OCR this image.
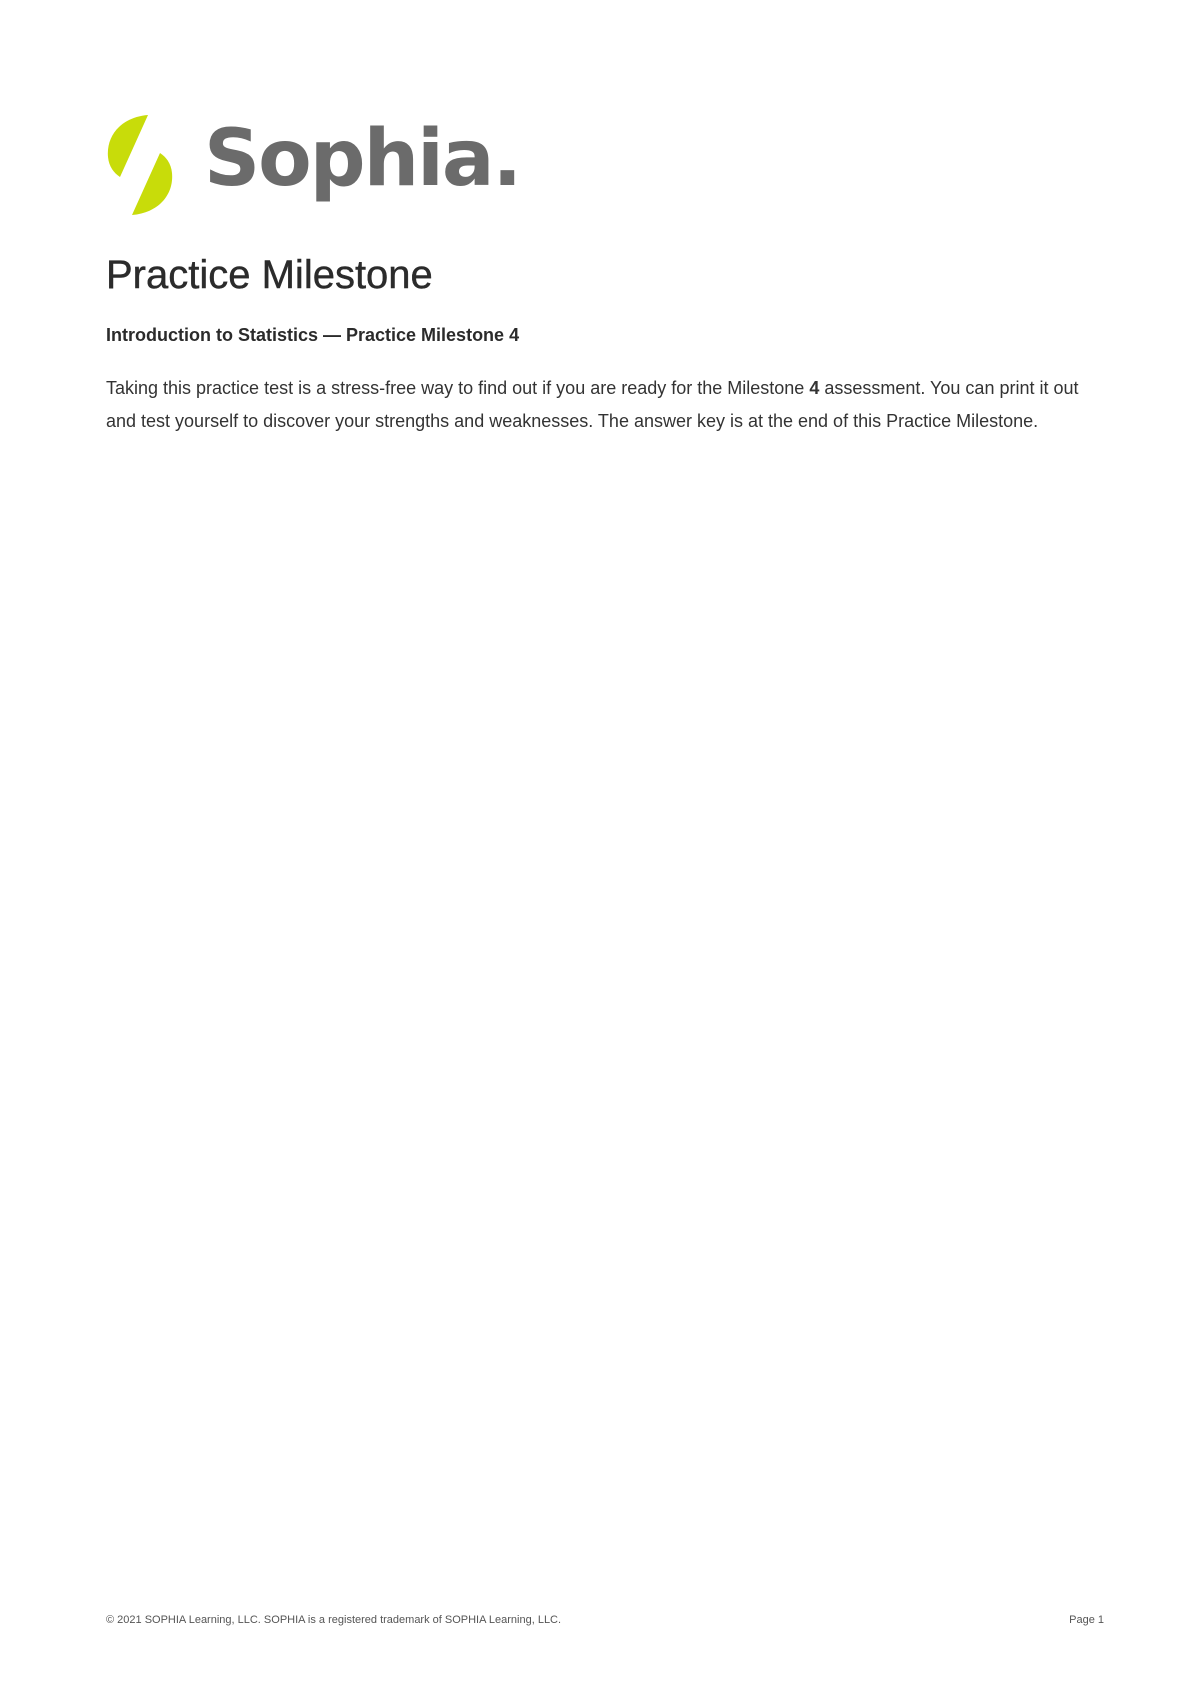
Sophia.
Practice Milestone

Introduction to Statistics — Practice Milestone 4

Taking this practice test is a stress-free way to find out if you are ready for the Milestone 4 assessment. You can print it out and test yourself to discover your strengths and weaknesses. The answer key is at the end of this Practice Milestone.

© 2021 SOPHIA Learning, LLC. SOPHIA is a registered trademark of SOPHIA Learning, LLC.	Page 1
